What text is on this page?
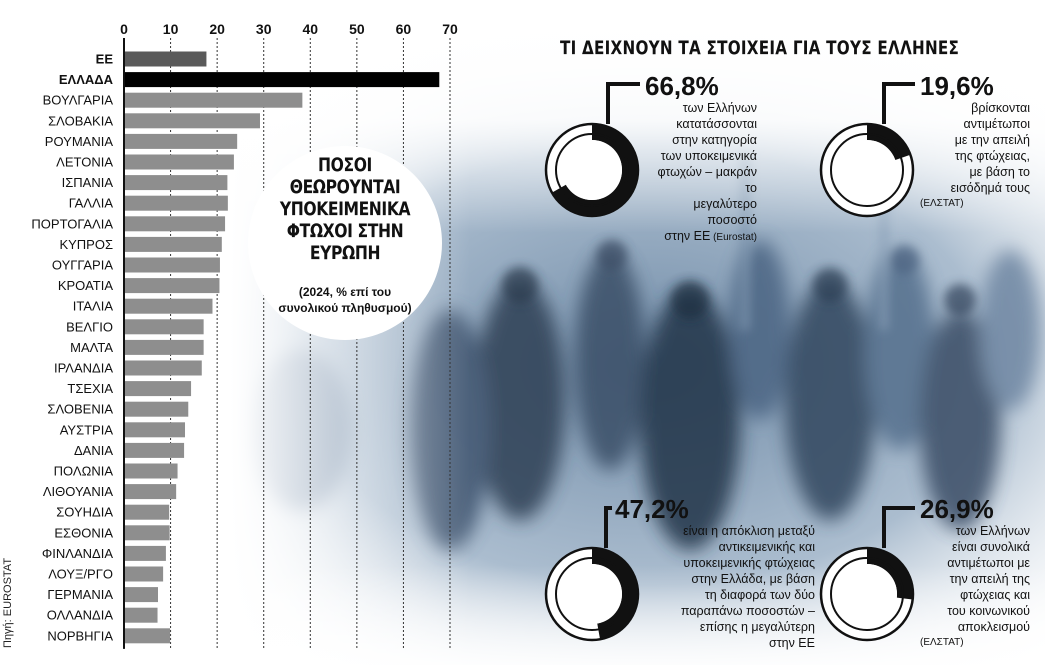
0 10 20 30 40 50 60 70
ΕΕ
ΕΛΛΑΔΑ
ΒΟΥΛΓΑΡΙΑ
ΣΛΟΒΑΚΙΑ
ΡΟΥΜΑΝΙΑ
ΛΕΤΟΝΙΑ
ΙΣΠΑΝΙΑ
ΓΑΛΛΙΑ
ΠΟΡΤΟΓΑΛΙΑ
ΚΥΠΡΟΣ
ΟΥΓΓΑΡΙΑ
ΚΡΟΑΤΙΑ
ΙΤΑΛΙΑ
ΒΕΛΓΙΟ
ΜΑΛΤΑ
ΙΡΛΑΝΔΙΑ
ΤΣΕΧΙΑ
ΣΛΟΒΕΝΙΑ
ΑΥΣΤΡΙΑ
ΔΑΝΙΑ
ΠΟΛΩΝΙΑ
ΛΙΘΟΥΑΝΙΑ
ΣΟΥΗΔΙΑ
ΕΣΘΟΝΙΑ
ΦΙΝΛΑΝΔΙΑ
ΛΟΥΞ/ΡΓΟ
ΓΕΡΜΑΝΙΑ
ΟΛΛΑΝΔΙΑ
ΝΟΡΒΗΓΙΑ
Πηγή: EUROSTAT
ΠΟΣΟΙ ΘΕΩΡΟΥΝΤΑΙ ΥΠΟΚΕΙΜΕΝΙΚΑ ΦΤΩΧΟΙ ΣΤΗΝ ΕΥΡΩΠΗ
(2024, % επί του συνολικού πληθυσμού)
ΤΙ ΔΕΙΧΝΟΥΝ ΤΑ ΣΤΟΙΧΕΙΑ ΓΙΑ ΤΟΥΣ ΕΛΛΗΝΕΣ
66,8%
των Ελλήνων
κατατάσσονται
στην κατηγορία
των υποκειμενικά
φτωχών – μακράν το
μεγαλύτερο ποσοστό
στην ΕΕ (Eurostat)
19,6%
βρίσκονται
αντιμέτωποι
με την απειλή
της φτώχειας,
με βάση το
εισόδημά τους
(ΕΛΣΤΑΤ)
47,2%
είναι η απόκλιση μεταξύ
αντικειμενικής και
υποκειμενικής φτώχειας
στην Ελλάδα, με βάση
τη διαφορά των δύο
παραπάνω ποσοστών –
επίσης η μεγαλύτερη
στην ΕΕ
26,9%
των Ελλήνων
είναι συνολικά
αντιμέτωποι με
την απειλή της
φτώχειας και
του κοινωνικού
αποκλεισμού
(ΕΛΣΤΑΤ)
